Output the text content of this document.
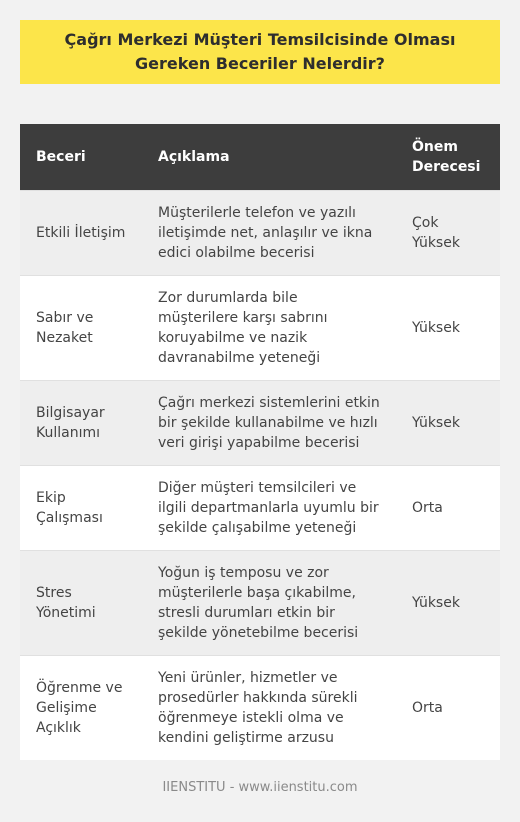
Çağrı Merkezi Müşteri Temsilcisinde Olması Gereken Beceriler Nelerdir?
Beceri	Açıklama	Önem Derecesi
Etkili İletişim	Müşterilerle telefon ve yazılı iletişimde net, anlaşılır ve ikna edici olabilme becerisi	Çok Yüksek
Sabır ve Nezaket	Zor durumlarda bile müşterilere karşı sabrını koruyabilme ve nazik davranabilme yeteneği	Yüksek
Bilgisayar Kullanımı	Çağrı merkezi sistemlerini etkin bir şekilde kullanabilme ve hızlı veri girişi yapabilme becerisi	Yüksek
Ekip Çalışması	Diğer müşteri temsilcileri ve ilgili departmanlarla uyumlu bir şekilde çalışabilme yeteneği	Orta
Stres Yönetimi	Yoğun iş temposu ve zor müşterilerle başa çıkabilme, stresli durumları etkin bir şekilde yönetebilme becerisi	Yüksek
Öğrenme ve Gelişime Açıklık	Yeni ürünler, hizmetler ve prosedürler hakkında sürekli öğrenmeye istekli olma ve kendini geliştirme arzusu	Orta
IIENSTITU - www.iienstitu.com
